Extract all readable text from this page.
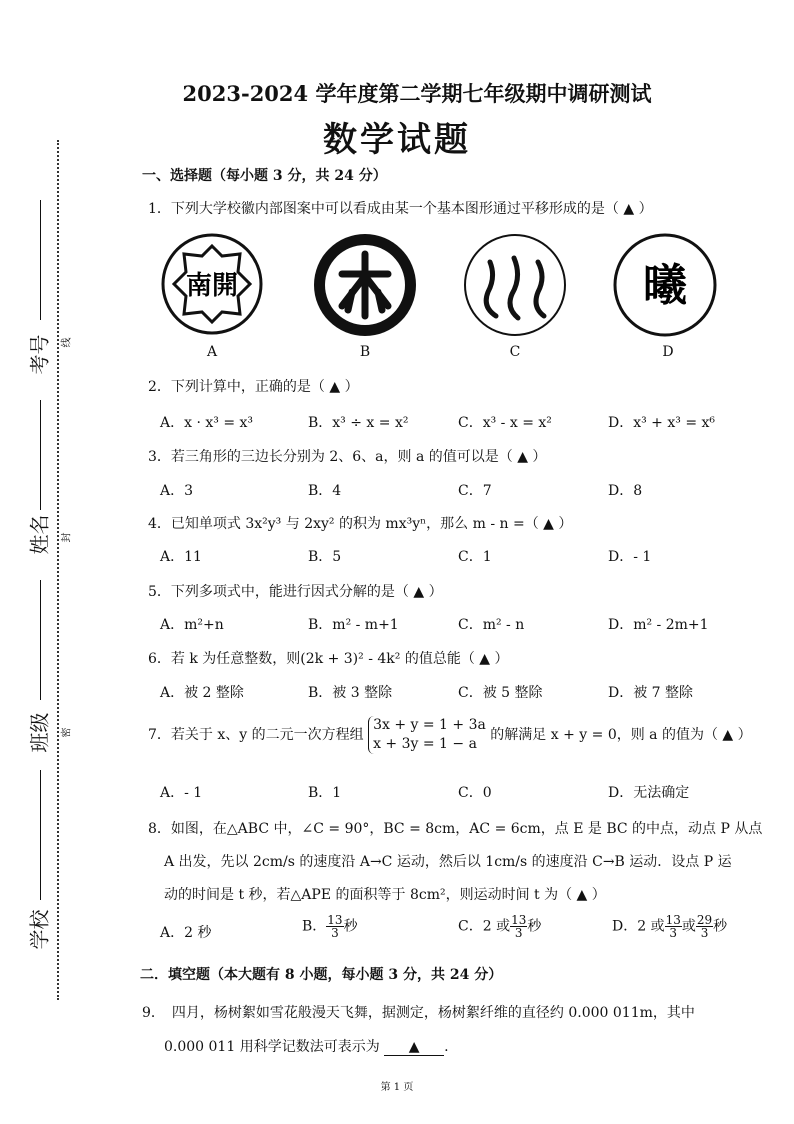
考号	线
姓名	封
班级	密
学校
2023-2024 学年度第二学期七年级期中调研测试
数学试题
一、选择题（每小题 3 分，共 24 分）
1．下列大学校徽内部图案中可以看成由某一个基本图形通过平移形成的是（ ▲ ）
南開	曦
A	B	C	D
2．下列计算中，正确的是（ ▲ ）
A．x · x³ = x³	B．x³ ÷ x = x²	C．x³ - x = x²	D．x³ + x³ = x⁶
3．若三角形的三边长分别为 2、6、a，则 a 的值可以是（ ▲ ）
A．3	B．4	C．7	D．8
4．已知单项式 3x²y³ 与 2xy² 的积为 mx³yⁿ，那么 m - n =（ ▲ ）
A．11	B．5	C．1	D．- 1
5．下列多项式中，能进行因式分解的是（ ▲ ）
A．m²+n	B．m² - m+1	C．m² - n	D．m² - 2m+1
6．若 k 为任意整数，则(2k + 3)² - 4k² 的值总能（ ▲ ）
A．被 2 整除	B．被 3 整除	C．被 5 整除	D．被 7 整除
7．若关于 x、y 的二元一次方程组
3x + y = 1 + 3a
x + 3y = 1 − a
的解满足 x + y = 0，则 a 的值为（ ▲ ）
A．- 1	B．1	C．0	D．无法确定
8．如图，在△ABC 中，∠C = 90°，BC = 8cm，AC = 6cm，点 E 是 BC 的中点，动点 P 从点
A 出发，先以 2cm/s 的速度沿 A→C 运动，然后以 1cm/s 的速度沿 C→B 运动．设点 P 运
动的时间是 t 秒，若△APE 的面积等于 8cm²，则运动时间 t 为（ ▲ ）
A．2 秒	B． $\frac{13}{3}$ 秒	C．2 或 $\frac{13}{3}$ 秒	D．2 或 $\frac{13}{3}$ 或 $\frac{29}{3}$ 秒
二．填空题（本大题有 8 小题，每小题 3 分，共 24 分）
9．　四月，杨树絮如雪花般漫天飞舞，据测定，杨树絮纤维的直径约 0.000 011m，其中
0.000 011 用科学记数法可表示为 ▲ .
第 1 页
